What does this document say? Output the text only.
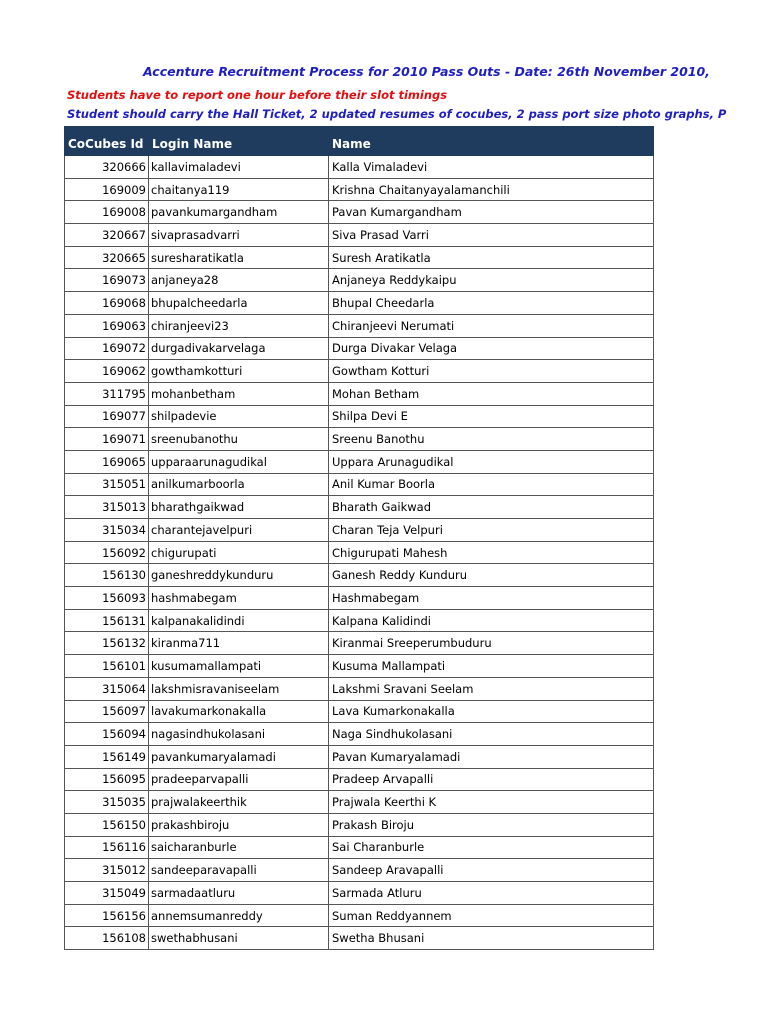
Accenture Recruitment Process for 2010 Pass Outs - Date: 26th November 2010,
Students have to report one hour before their slot timings
Student should carry the Hall Ticket, 2 updated resumes of cocubes, 2 pass port size photo graphs, P
CoCubes Id	Login Name	Name
320666	kallavimaladevi	Kalla Vimaladevi
169009	chaitanya119	Krishna Chaitanyayalamanchili
169008	pavankumargandham	Pavan Kumargandham
320667	sivaprasadvarri	Siva Prasad Varri
320665	suresharatikatla	Suresh Aratikatla
169073	anjaneya28	Anjaneya Reddykaipu
169068	bhupalcheedarla	Bhupal Cheedarla
169063	chiranjeevi23	Chiranjeevi Nerumati
169072	durgadivakarvelaga	Durga Divakar Velaga
169062	gowthamkotturi	Gowtham Kotturi
311795	mohanbetham	Mohan Betham
169077	shilpadevie	Shilpa Devi E
169071	sreenubanothu	Sreenu Banothu
169065	upparaarunagudikal	Uppara Arunagudikal
315051	anilkumarboorla	Anil Kumar Boorla
315013	bharathgaikwad	Bharath Gaikwad
315034	charantejavelpuri	Charan Teja Velpuri
156092	chigurupati	Chigurupati Mahesh
156130	ganeshreddykunduru	Ganesh Reddy Kunduru
156093	hashmabegam	Hashmabegam
156131	kalpanakalidindi	Kalpana Kalidindi
156132	kiranma711	Kiranmai Sreeperumbuduru
156101	kusumamallampati	Kusuma Mallampati
315064	lakshmisravaniseelam	Lakshmi Sravani Seelam
156097	lavakumarkonakalla	Lava Kumarkonakalla
156094	nagasindhukolasani	Naga Sindhukolasani
156149	pavankumaryalamadi	Pavan Kumaryalamadi
156095	pradeeparvapalli	Pradeep Arvapalli
315035	prajwalakeerthik	Prajwala Keerthi K
156150	prakashbiroju	Prakash Biroju
156116	saicharanburle	Sai Charanburle
315012	sandeeparavapalli	Sandeep Aravapalli
315049	sarmadaatluru	Sarmada Atluru
156156	annemsumanreddy	Suman Reddyannem
156108	swethabhusani	Swetha Bhusani
